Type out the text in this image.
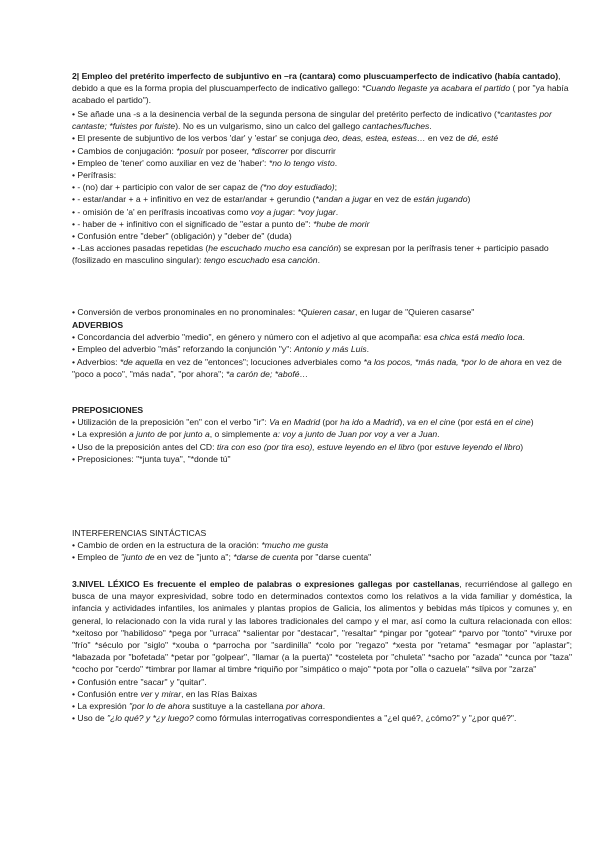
2| Empleo del pretérito imperfecto de subjuntivo en –ra (cantara) como pluscuamperfecto de indicativo (había cantado), debido a que es la forma propia del pluscuamperfecto de indicativo gallego: *Cuando llegaste ya acabara el partido ( por "ya había acabado el partido").

• Se añade una -s a la desinencia verbal de la segunda persona de singular del pretérito perfecto de indicativo (*cantastes por cantaste; *fuistes por fuiste). No es un vulgarismo, sino un calco del gallego cantaches/fuches.

• El presente de subjuntivo de los verbos 'dar' y 'estar' se conjuga deo, deas, estea, esteas… en vez de dé, esté

• Cambios de conjugación: *posuír por poseer, *discorrer por discurrir

• Empleo de 'tener' como auxiliar en vez de 'haber': *no lo tengo visto.

• Perífrasis:

• - (no) dar + participio con valor de ser capaz de (*no doy estudiado);

• - estar/andar + a + infinitivo en vez de estar/andar + gerundio (*andan a jugar en vez de están jugando)

• - omisión de 'a' en perífrasis incoativas como voy a jugar: *voy jugar.

• - haber de + infinitivo con el significado de "estar a punto de": *hube de morir

• Confusión entre "deber" (obligación) y "deber de" (duda)

• -Las acciones pasadas repetidas (he escuchado mucho esa canción) se expresan por la perífrasis tener + participio pasado (fosilizado en masculino singular): tengo escuchado esa canción.

• Conversión de verbos pronominales en no pronominales: *Quieren casar, en lugar de "Quieren casarse"

ADVERBIOS

• Concordancia del adverbio "medio", en género y número con el adjetivo al que acompaña: esa chica está medio loca.

• Empleo del adverbio "más" reforzando la conjunción "y": Antonio y más Luis.

• Adverbios: *de aquella en vez de "entonces"; locuciones adverbiales como *a los pocos, *más nada, *por lo de ahora en vez de "poco a poco", "más nada", "por ahora"; *a carón de; *abofé…

PREPOSICIONES

• Utilización de la preposición "en" con el verbo "ir": Va en Madrid (por ha ido a Madrid), va en el cine (por está en el cine)

• La expresión a junto de por junto a, o simplemente a: voy a junto de Juan por voy a ver a Juan.

• Uso de la preposición antes del CD: tira con eso (por tira eso), estuve leyendo en el libro (por estuve leyendo el libro)

• Preposiciones: "*junta tuya", "*donde tú"

INTERFERENCIAS SINTÁCTICAS

• Cambio de orden en la estructura de la oración: *mucho me gusta

• Empleo de "junto de en vez de "junto a"; *darse de cuenta por "darse cuenta"

3.NIVEL LÉXICO Es frecuente el empleo de palabras o expresiones gallegas por castellanas, recurriéndose al gallego en busca de una mayor expresividad, sobre todo en determinados contextos como los relativos a la vida familiar y doméstica, la infancia y actividades infantiles, los animales y plantas propios de Galicia, los alimentos y bebidas más típicos y comunes y, en general, lo relacionado con la vida rural y las labores tradicionales del campo y el mar, así como la cultura relacionada con ellos: *xeitoso por "habilidoso" *pega por "urraca" *salientar por "destacar", "resaltar" *pingar por "gotear" *parvo por "tonto" *viruxe por "frío" *século por "siglo" *xouba o *parrocha por "sardinilla" *colo por "regazo" *xesta por "retama" *esmagar por "aplastar"; *labazada por "bofetada" *petar por "golpear", "llamar (a la puerta)" *costeleta por "chuleta" *sacho por "azada" *cunca por "taza" *cocho por "cerdo" *timbrar por llamar al timbre *riquiño por "simpático o majo" *pota por "olla o cazuela" *silva por "zarza"

• Confusión entre "sacar" y "quitar".

• Confusión entre ver y mirar, en las Rías Baixas

• La expresión "por lo de ahora sustituye a la castellana por ahora.

• Uso de "¿lo qué? y *¿y luego? como fórmulas interrogativas correspondientes a "¿el qué?, ¿cómo?" y "¿por qué?".
